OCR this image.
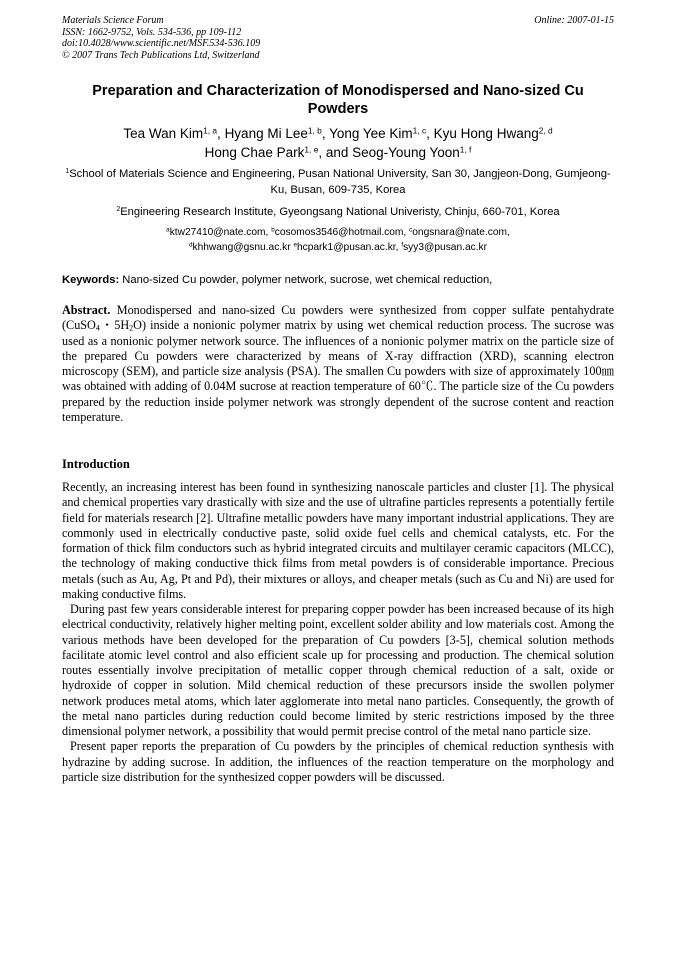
Materials Science Forum
ISSN: 1662-9752, Vols. 534-536, pp 109-112
doi:10.4028/www.scientific.net/MSF.534-536.109
© 2007 Trans Tech Publications Ltd, Switzerland
Online: 2007-01-15
Preparation and Characterization of Monodispersed and Nano-sized Cu Powders
Tea Wan Kim$^{1, a}$, Hyang Mi Lee$^{1, b}$, Yong Yee Kim$^{1, c}$, Kyu Hong Hwang$^{2, d}$
Hong Chae Park$^{1, e}$, and Seog-Young Yoon$^{1, f}$
$^1$School of Materials Science and Engineering, Pusan National University, San 30, Jangjeon-Dong, Gumjeong-Ku, Busan, 609-735, Korea
$^2$Engineering Research Institute, Gyeongsang National Univeristy, Chinju, 660-701, Korea
$^a$ktw27410@nate.com, $^b$cosomos3546@hotmail.com, $^c$ongsnara@nate.com,
$^d$khhwang@gsnu.ac.kr $^e$hcpark1@pusan.ac.kr, $^f$syy3@pusan.ac.kr
Keywords: Nano-sized Cu powder, polymer network, sucrose, wet chemical reduction,
Abstract. Monodispersed and nano-sized Cu powders were synthesized from copper sulfate pentahydrate (CuSO$_4$・$5H_2O$) inside a nonionic polymer matrix by using wet chemical reduction process. The sucrose was used as a nonionic polymer network source. The influences of a nonionic polymer matrix on the particle size of the prepared Cu powders were characterized by means of X-ray diffraction (XRD), scanning electron microscopy (SEM), and particle size analysis (PSA). The smallen Cu powders with size of approximately 100㎚ was obtained with adding of 0.04M sucrose at reaction temperature of 60℃. The particle size of the Cu powders prepared by the reduction inside polymer network was strongly dependent of the sucrose content and reaction temperature.
Introduction

Recently, an increasing interest has been found in synthesizing nanoscale particles and cluster [1]. The physical and chemical properties vary drastically with size and the use of ultrafine particles represents a potentially fertile field for materials research [2]. Ultrafine metallic powders have many important industrial applications. They are commonly used in electrically conductive paste, solid oxide fuel cells and chemical catalysts, etc. For the formation of thick film conductors such as hybrid integrated circuits and multilayer ceramic capacitors (MLCC), the technology of making conductive thick films from metal powders is of considerable importance. Precious metals (such as Au, Ag, Pt and Pd), their mixtures or alloys, and cheaper metals (such as Cu and Ni) are used for making conductive films.

During past few years considerable interest for preparing copper powder has been increased because of its high electrical conductivity, relatively higher melting point, excellent solder ability and low materials cost. Among the various methods have been developed for the preparation of Cu powders [3-5], chemical solution methods facilitate atomic level control and also efficient scale up for processing and production. The chemical solution routes essentially involve precipitation of metallic copper through chemical reduction of a salt, oxide or hydroxide of copper in solution. Mild chemical reduction of these precursors inside the swollen polymer network produces metal atoms, which later agglomerate into metal nano particles. Consequently, the growth of the metal nano particles during reduction could become limited by steric restrictions imposed by the three dimensional polymer network, a possibility that would permit precise control of the metal nano particle size.

Present paper reports the preparation of Cu powders by the principles of chemical reduction synthesis with hydrazine by adding sucrose. In addition, the influences of the reaction temperature on the morphology and particle size distribution for the synthesized copper powders will be discussed.
